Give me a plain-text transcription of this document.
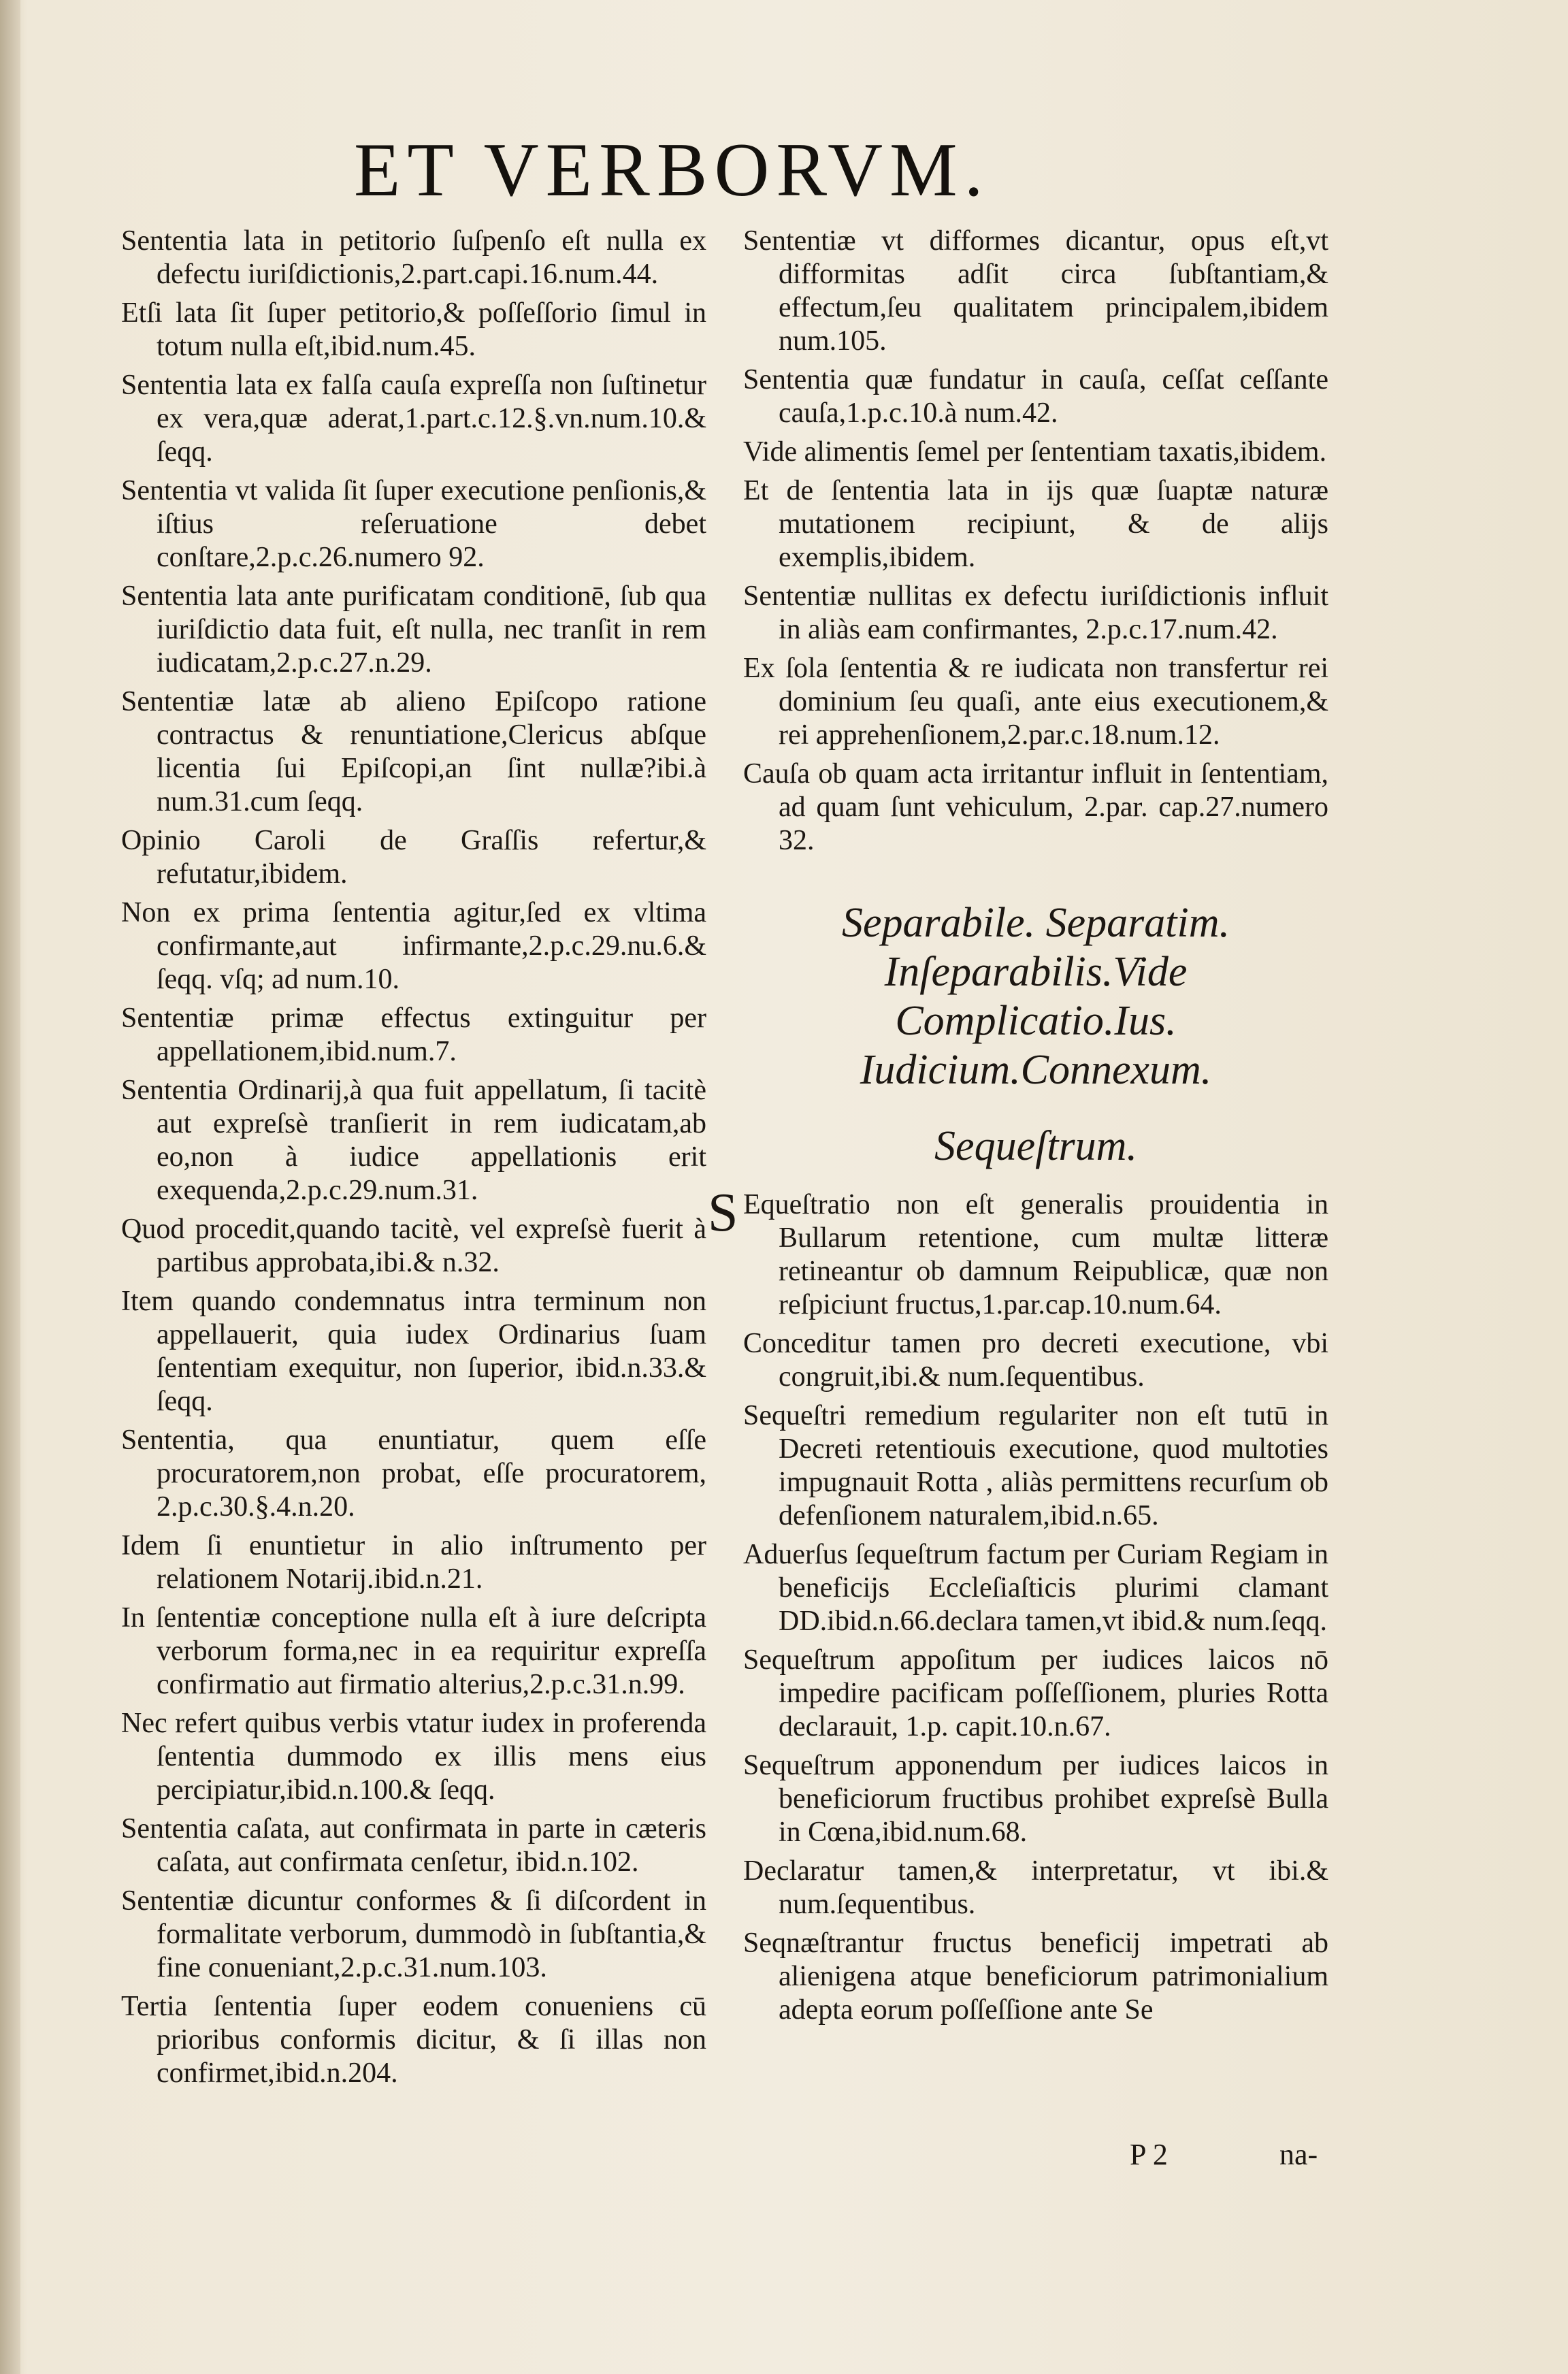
ET VERBORVM.

Sententia lata in petitorio ſuſpenſo eſt nulla ex defectu iuriſdictionis,2.part.capi.16.num.44.

Etſi lata ſit ſuper petitorio,& poſſeſſorio ſimul in totum nulla eſt,ibid.num.45.

Sententia lata ex falſa cauſa expreſſa non ſuſtinetur ex vera,quæ aderat,1.part.c.12.§.vn.num.10.& ſeqq.

Sententia vt valida ſit ſuper executione penſionis,& iſtius reſeruatione debet conſtare,2.p.c.26.numero 92.

Sententia lata ante purificatam conditionē, ſub qua iuriſdictio data fuit, eſt nulla, nec tranſit in rem iudicatam,2.p.c.27.n.29.

Sententiæ latæ ab alieno Epiſcopo ratione contractus & renuntiatione,Clericus abſque licentia ſui Epiſcopi,an ſint nullæ?ibi.à num.31.cum ſeqq.

Opinio Caroli de Graſſis refertur,& refutatur,ibidem.

Non ex prima ſententia agitur,ſed ex vltima confirmante,aut infirmante,2.p.c.29.nu.6.& ſeqq. vſq; ad num.10.

Sententiæ primæ effectus extinguitur per appellationem,ibid.num.7.

Sententia Ordinarij,à qua fuit appellatum, ſi tacitè aut expreſsè tranſierit in rem iudicatam,ab eo,non à iudice appellationis erit exequenda,2.p.c.29.num.31.

Quod procedit,quando tacitè, vel expreſsè fuerit à partibus approbata,ibi.& n.32.

Item quando condemnatus intra terminum non appellauerit, quia iudex Ordinarius ſuam ſententiam exequitur, non ſuperior, ibid.n.33.& ſeqq.

Sententia, qua enuntiatur, quem eſſe procuratorem,non probat, eſſe procuratorem, 2.p.c.30.§.4.n.20.

Idem ſi enuntietur in alio inſtrumento per relationem Notarij.ibid.n.21.

In ſententiæ conceptione nulla eſt à iure deſcripta verborum forma,nec in ea requiritur expreſſa confirmatio aut firmatio alterius,2.p.c.31.n.99.

Nec refert quibus verbis vtatur iudex in proferenda ſententia dummodo ex illis mens eius percipiatur,ibid.n.100.& ſeqq.

Sententia caſata, aut confirmata in parte in cæteris caſata, aut confirmata cenſetur, ibid.n.102.

Sententiæ dicuntur conformes & ſi diſcordent in formalitate verborum, dummodò in ſubſtantia,& fine conueniant,2.p.c.31.num.103.

Tertia ſententia ſuper eodem conueniens cū prioribus conformis dicitur, & ſi illas non confirmet,ibid.n.204.

Sententiæ vt difformes dicantur, opus eſt,vt difformitas adſit circa ſubſtantiam,& effectum,ſeu qualitatem principalem,ibidem num.105.

Sententia quæ fundatur in cauſa, ceſſat ceſſante cauſa,1.p.c.10.à num.42.

Vide alimentis ſemel per ſententiam taxatis,ibidem.

Et de ſententia lata in ijs quæ ſuaptæ naturæ mutationem recipiunt, & de alijs exemplis,ibidem.

Sententiæ nullitas ex defectu iuriſdictionis influit in aliàs eam confirmantes, 2.p.c.17.num.42.

Ex ſola ſententia & re iudicata non transfertur rei dominium ſeu quaſi, ante eius executionem,& rei apprehenſionem,2.par.c.18.num.12.

Cauſa ob quam acta irritantur influit in ſententiam, ad quam ſunt vehiculum, 2.par. cap.27.numero 32.

Separabile. Separatim. Inſeparabilis.Vide Complicatio.Ius. Iudicium.Connexum.
Sequeſtrum.

S Equeſtratio non eſt generalis prouidentia in Bullarum retentione, cum multæ litteræ retineantur ob damnum Reipublicæ, quæ non reſpiciunt fructus,1.par.cap.10.num.64.

Conceditur tamen pro decreti executione, vbi congruit,ibi.& num.ſequentibus.

Sequeſtri remedium regulariter non eſt tutū in Decreti retentiouis executione, quod multoties impugnauit Rotta , aliàs permittens recurſum ob defenſionem naturalem,ibid.n.65.

Aduerſus ſequeſtrum factum per Curiam Regiam in beneficijs Eccleſiaſticis plurimi clamant DD.ibid.n.66.declara tamen,vt ibid.& num.ſeqq.

Sequeſtrum appoſitum per iudices laicos nō impedire pacificam poſſeſſionem, pluries Rotta declarauit, 1.p. capit.10.n.67.

Sequeſtrum apponendum per iudices laicos in beneficiorum fructibus prohibet expreſsè Bulla in Cœna,ibid.num.68.

Declaratur tamen,& interpretatur, vt ibi.& num.ſequentibus.

Seqnæſtrantur fructus beneficij impetrati ab alienigena atque beneficiorum patrimonialium adepta eorum poſſeſſione ante Se

P 2	na-
